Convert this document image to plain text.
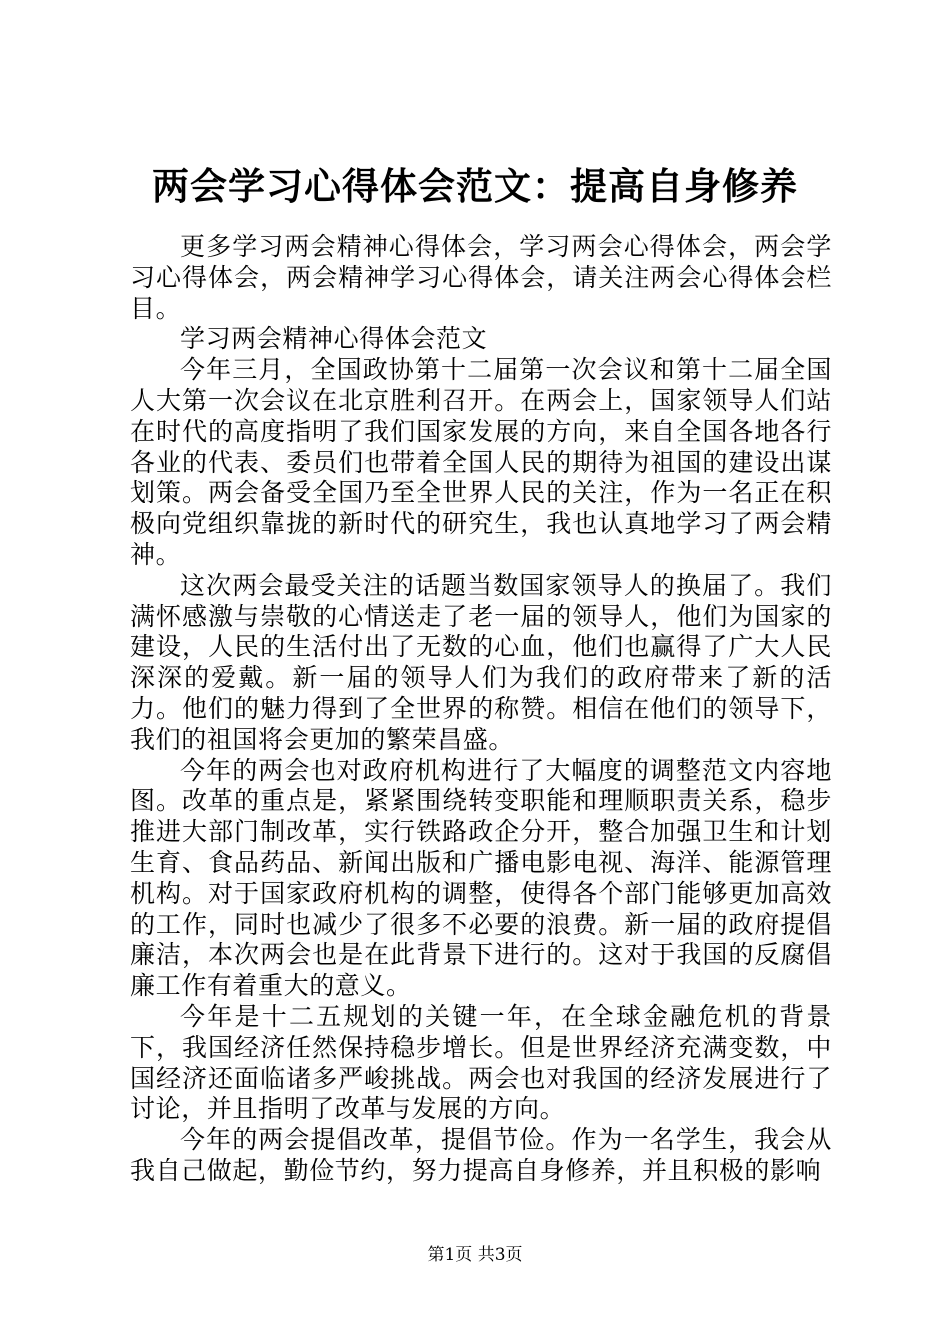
两会学习心得体会范文：提高自身修养

更多学习两会精神心得体会，学习两会心得体会，两会学习心得体会，两会精神学习心得体会，请关注两会心得体会栏目。

学习两会精神心得体会范文

今年三月，全国政协第十二届第一次会议和第十二届全国人大第一次会议在北京胜利召开。在两会上，国家领导人们站在时代的高度指明了我们国家发展的方向，来自全国各地各行各业的代表、委员们也带着全国人民的期待为祖国的建设出谋划策。两会备受全国乃至全世界人民的关注，作为一名正在积极向党组织靠拢的新时代的研究生，我也认真地学习了两会精神。

这次两会最受关注的话题当数国家领导人的换届了。我们满怀感激与崇敬的心情送走了老一届的领导人，他们为国家的建设，人民的生活付出了无数的心血，他们也赢得了广大人民深深的爱戴。新一届的领导人们为我们的政府带来了新的活力。他们的魅力得到了全世界的称赞。相信在他们的领导下，我们的祖国将会更加的繁荣昌盛。

今年的两会也对政府机构进行了大幅度的调整范文内容地图。改革的重点是，紧紧围绕转变职能和理顺职责关系，稳步推进大部门制改革，实行铁路政企分开，整合加强卫生和计划生育、食品药品、新闻出版和广播电影电视、海洋、能源管理机构。对于国家政府机构的调整，使得各个部门能够更加高效的工作，同时也减少了很多不必要的浪费。新一届的政府提倡廉洁，本次两会也是在此背景下进行的。这对于我国的反腐倡廉工作有着重大的意义。

今年是十二五规划的关键一年，在全球金融危机的背景下，我国经济任然保持稳步增长。但是世界经济充满变数，中国经济还面临诸多严峻挑战。两会也对我国的经济发展进行了讨论，并且指明了改革与发展的方向。

今年的两会提倡改革，提倡节俭。作为一名学生，我会从我自己做起，勤俭节约，努力提高自身修养，并且积极的影响

第1页 共3页
